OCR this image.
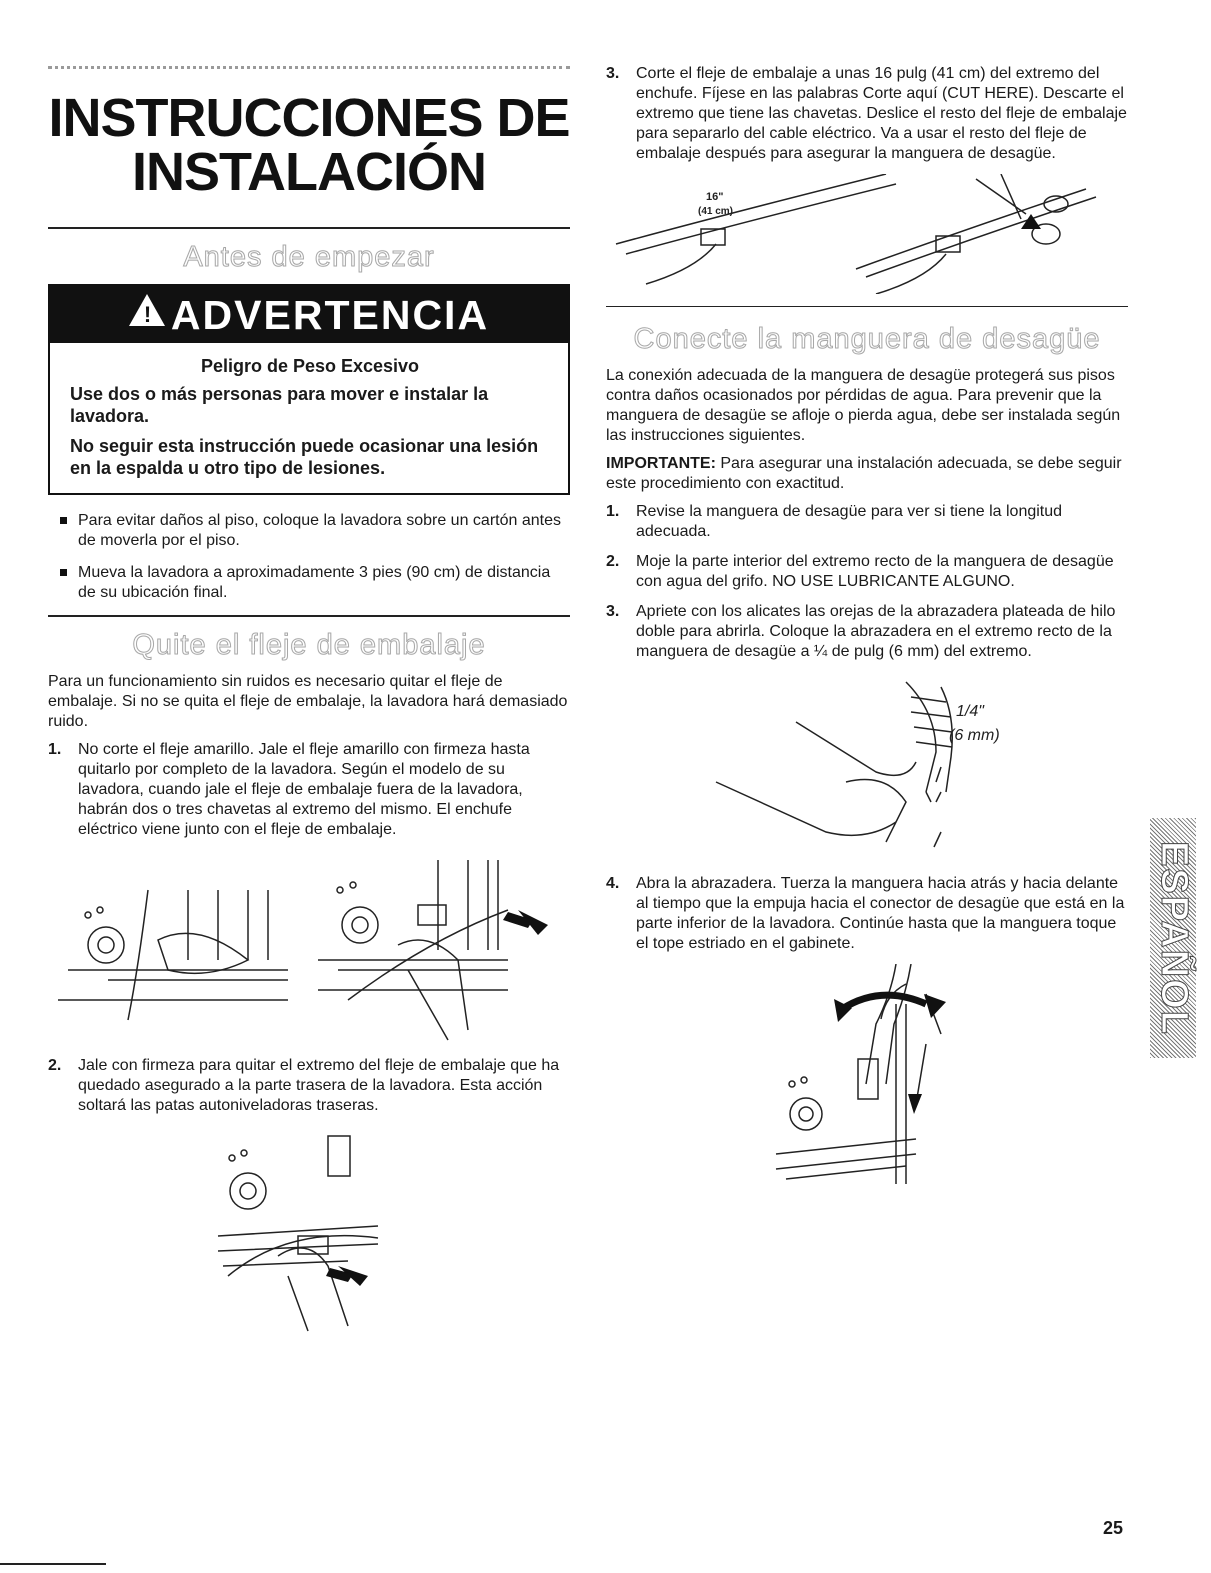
INSTRUCCIONES DE
INSTALACIÓN
Antes de empezar
! ADVERTENCIA
Peligro de Peso Excesivo

Use dos o más personas para mover e instalar la lavadora.

No seguir esta instrucción puede ocasionar una lesión en la espalda u otro tipo de lesiones.

Para evitar daños al piso, coloque la lavadora sobre un cartón antes de moverla por el piso.
Mueva la lavadora a aproximadamente 3 pies (90 cm) de distancia de su ubicación final.
Quite el fleje de embalaje

Para un funcionamiento sin ruidos es necesario quitar el fleje de embalaje. Si no se quita el fleje de embalaje, la lavadora hará demasiado ruido.

1. No corte el fleje amarillo. Jale el fleje amarillo con firmeza hasta quitarlo por completo de la lavadora. Según el modelo de su lavadora, cuando jale el fleje de embalaje fuera de la lavadora, habrán dos o tres chavetas al extremo del mismo. El enchufe eléctrico viene junto con el fleje de embalaje.
2. Jale con firmeza para quitar el extremo del fleje de embalaje que ha quedado asegurado a la parte trasera de la lavadora. Esta acción soltará las patas autoniveladoras traseras.
3. Corte el fleje de embalaje a unas 16 pulg (41 cm) del extremo del enchufe. Fíjese en las palabras Corte aquí (CUT HERE). Descarte el extremo que tiene las chavetas. Deslice el resto del fleje de embalaje para separarlo del cable eléctrico. Va a usar el resto del fleje de embalaje después para asegurar la manguera de desagüe.
16"
(41 cm)
Conecte la manguera de desagüe

La conexión adecuada de la manguera de desagüe protegerá sus pisos contra daños ocasionados por pérdidas de agua. Para prevenir que la manguera de desagüe se afloje o pierda agua, debe ser instalada según las instrucciones siguientes.

IMPORTANTE: Para asegurar una instalación adecuada, se debe seguir este procedimiento con exactitud.

1. Revise la manguera de desagüe para ver si tiene la longitud adecuada.
2. Moje la parte interior del extremo recto de la manguera de desagüe con agua del grifo. NO USE LUBRICANTE ALGUNO.
3. Apriete con los alicates las orejas de la abrazadera plateada de hilo doble para abrirla. Coloque la abrazadera en el extremo recto de la manguera de desagüe a ¼ de pulg (6 mm) del extremo.
1/4"
(6 mm)
4. Abra la abrazadera. Tuerza la manguera hacia atrás y hacia delante al tiempo que la empuja hacia el conector de desagüe que está en la parte inferior de la lavadora. Continúe hasta que la manguera toque el tope estriado en el gabinete.	ESPAÑOL
25
